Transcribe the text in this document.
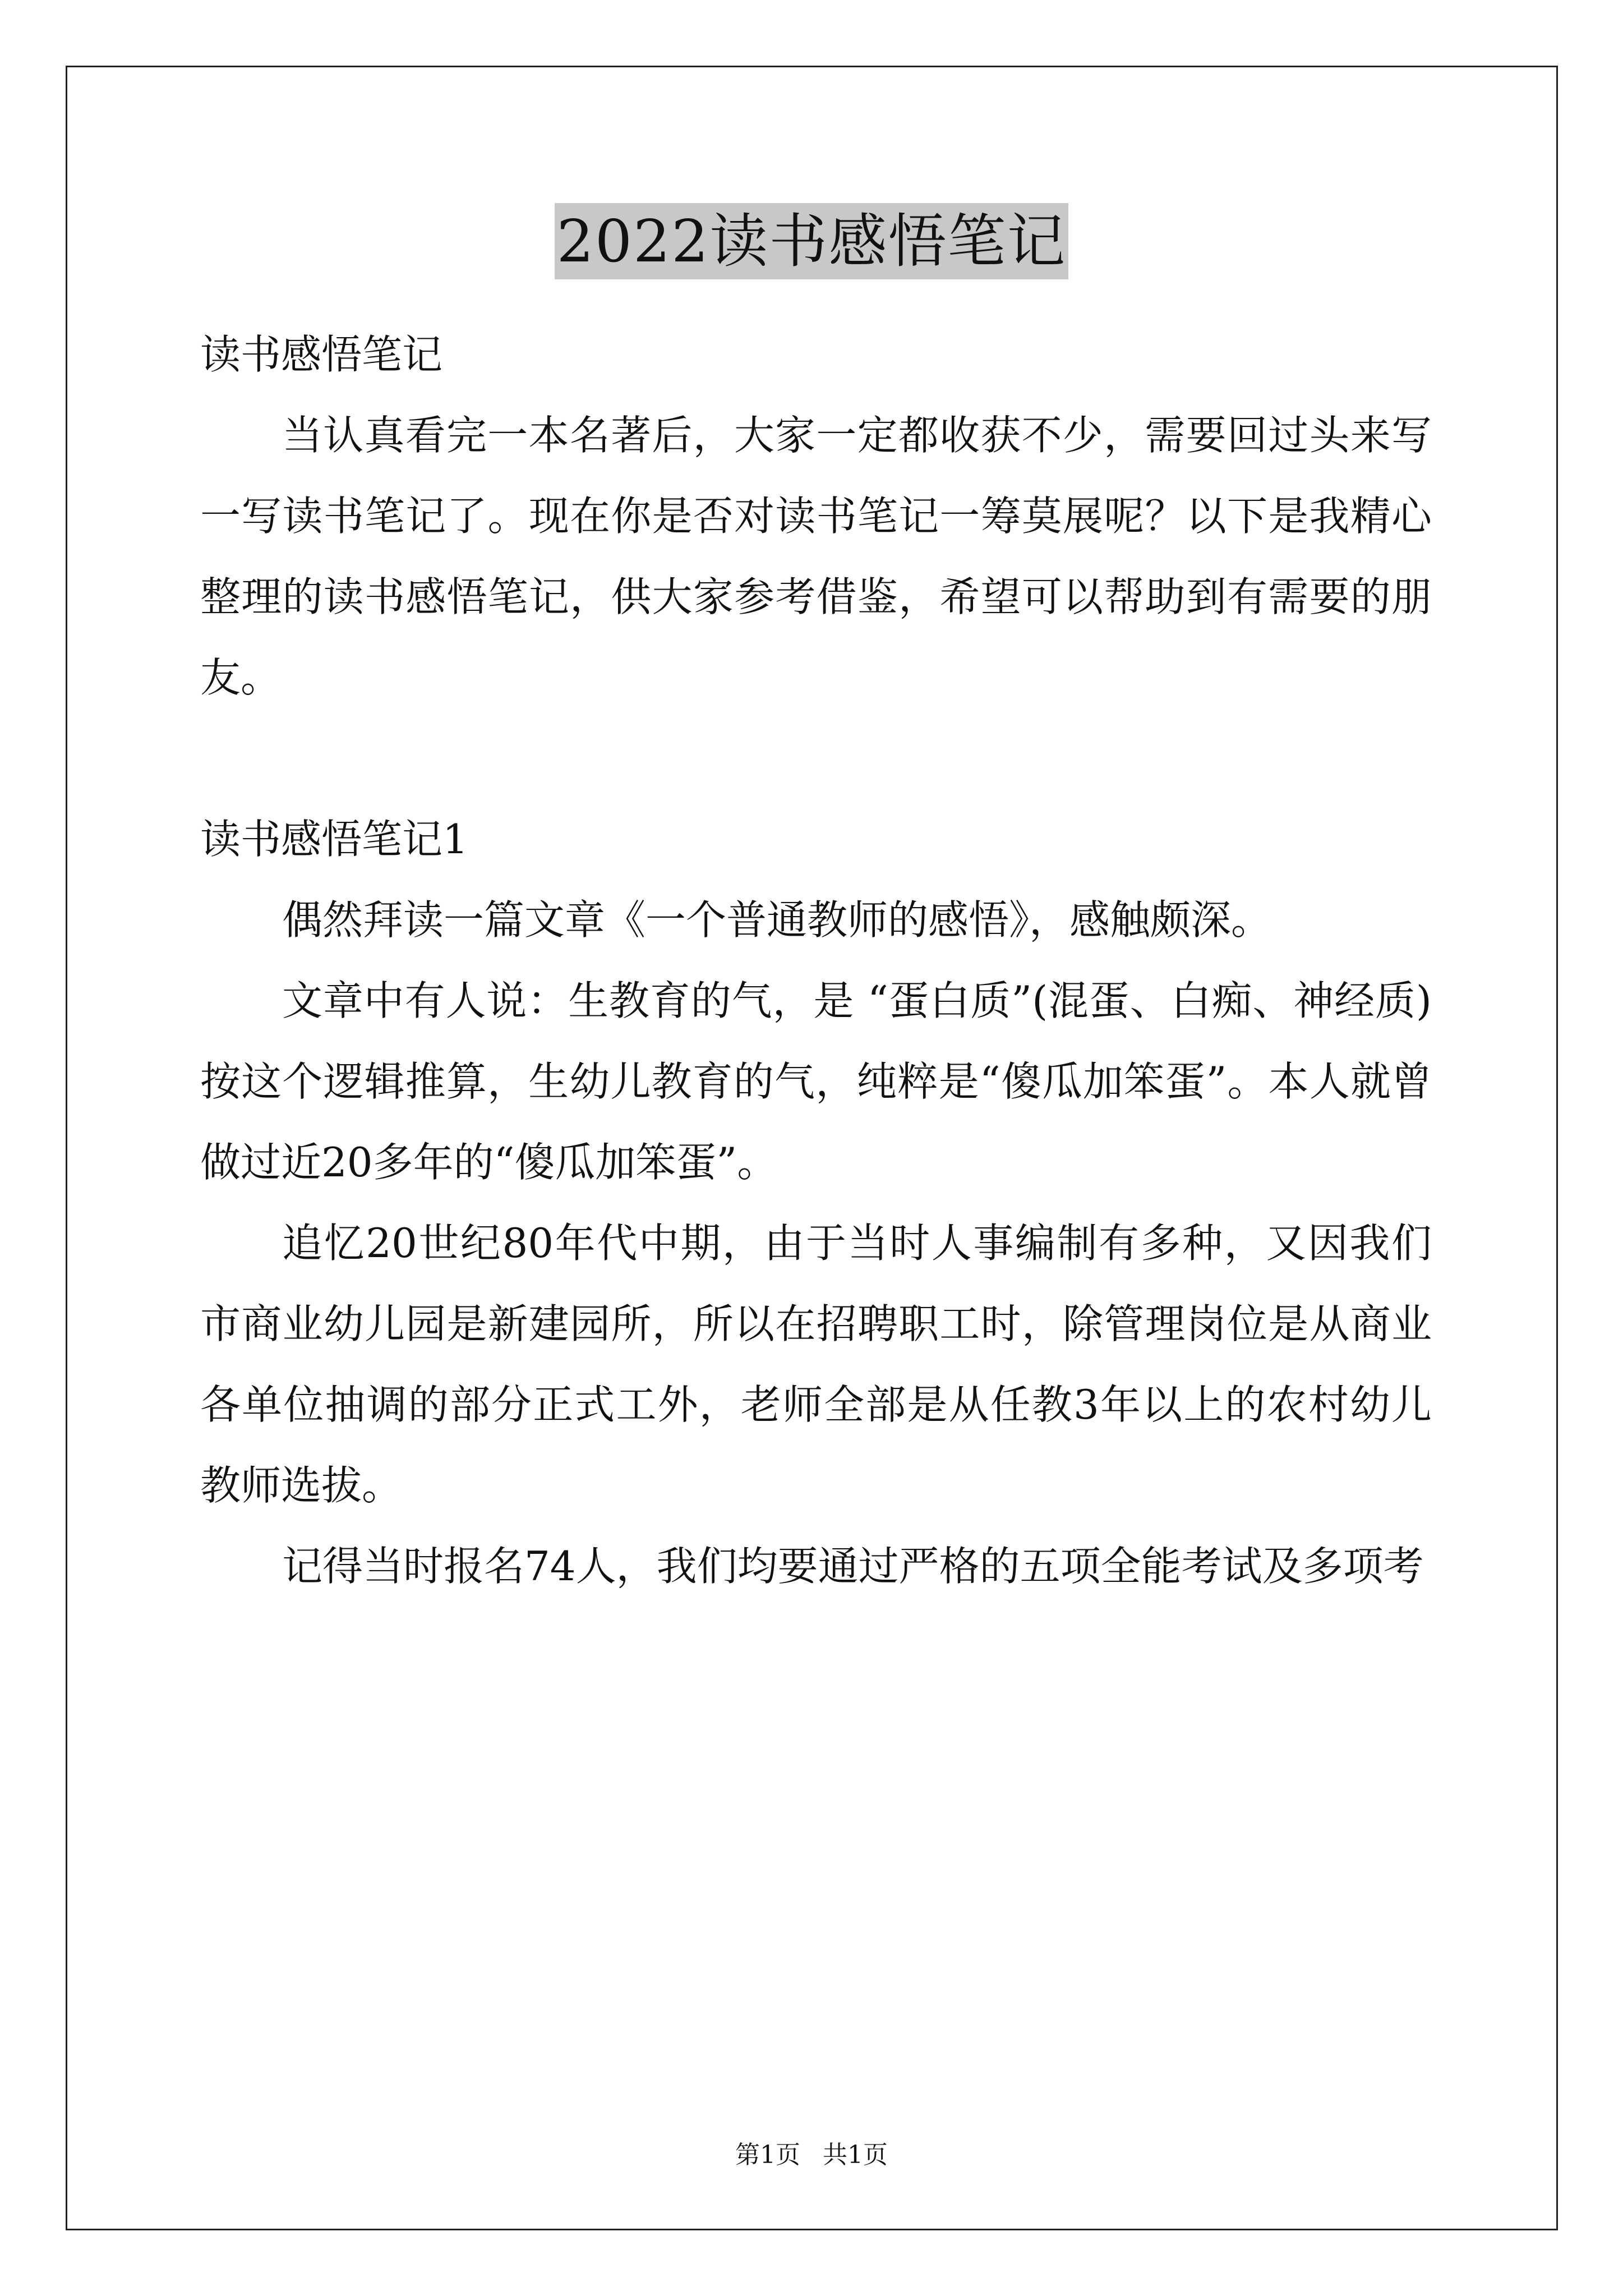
2022读书感悟笔记

读书感悟笔记

当认真看完一本名著后，大家一定都收获不少，需要回过头来写一写读书笔记了。现在你是否对读书笔记一筹莫展呢？以下是我精心整理的读书感悟笔记，供大家参考借鉴，希望可以帮助到有需要的朋友。

读书感悟笔记1

偶然拜读一篇文章《一个普通教师的感悟》，感触颇深。

文章中有人说：生教育的气，是 “蛋白质”(混蛋、白痴、神经质)按这个逻辑推算，生幼儿教育的气，纯粹是“傻瓜加笨蛋”。本人就曾做过近20多年的“傻瓜加笨蛋”。

追忆20世纪80年代中期，由于当时人事编制有多种，又因我们市商业幼儿园是新建园所，所以在招聘职工时，除管理岗位是从商业各单位抽调的部分正式工外，老师全部是从任教3年以上的农村幼儿教师选拔。

记得当时报名74人，我们均要通过严格的五项全能考试及多项考

第1页 共1页
